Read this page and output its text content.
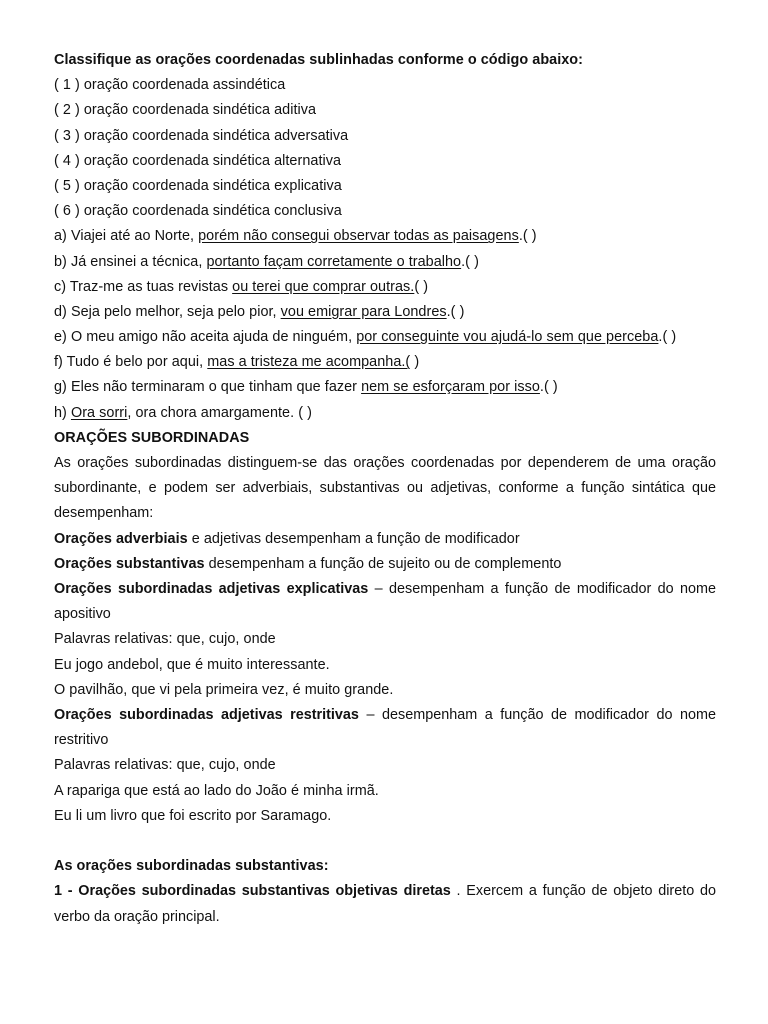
Classifique as orações coordenadas sublinhadas conforme o código abaixo:
( 1 ) oração coordenada assindética
( 2 ) oração coordenada sindética aditiva
( 3 ) oração coordenada sindética adversativa
( 4 ) oração coordenada sindética alternativa
( 5 ) oração coordenada sindética explicativa
( 6 ) oração coordenada sindética conclusiva
a) Viajei até ao Norte, porém não consegui observar todas as paisagens.( )
b) Já ensinei a técnica, portanto façam corretamente o trabalho.( )
c) Traz-me as tuas revistas ou terei que comprar outras.( )
d) Seja pelo melhor, seja pelo pior, vou emigrar para Londres.( )
e) O meu amigo não aceita ajuda de ninguém, por conseguinte vou ajudá-lo sem que perceba.( )
f) Tudo é belo por aqui, mas a tristeza me acompanha.( )
g) Eles não terminaram o que tinham que fazer nem se esforçaram por isso.( )
h) Ora sorri, ora chora amargamente. ( )
ORAÇÕES SUBORDINADAS
As orações subordinadas distinguem-se das orações coordenadas por dependerem de uma oração subordinante, e podem ser adverbiais, substantivas ou adjetivas, conforme a função sintática que desempenham:
Orações adverbiais e adjetivas desempenham a função de modificador
Orações substantivas desempenham a função de sujeito ou de complemento
Orações subordinadas adjetivas explicativas – desempenham a função de modificador do nome apositivo
Palavras relativas: que, cujo, onde
Eu jogo andebol, que é muito interessante.
O pavilhão, que vi pela primeira vez, é muito grande.
Orações subordinadas adjetivas restritivas – desempenham a função de modificador do nome restritivo
Palavras relativas: que, cujo, onde
A rapariga que está ao lado do João é minha irmã.
Eu li um livro que foi escrito por Saramago.
As orações subordinadas substantivas:
1 - Orações subordinadas substantivas objetivas diretas . Exercem a função de objeto direto do verbo da oração principal.
